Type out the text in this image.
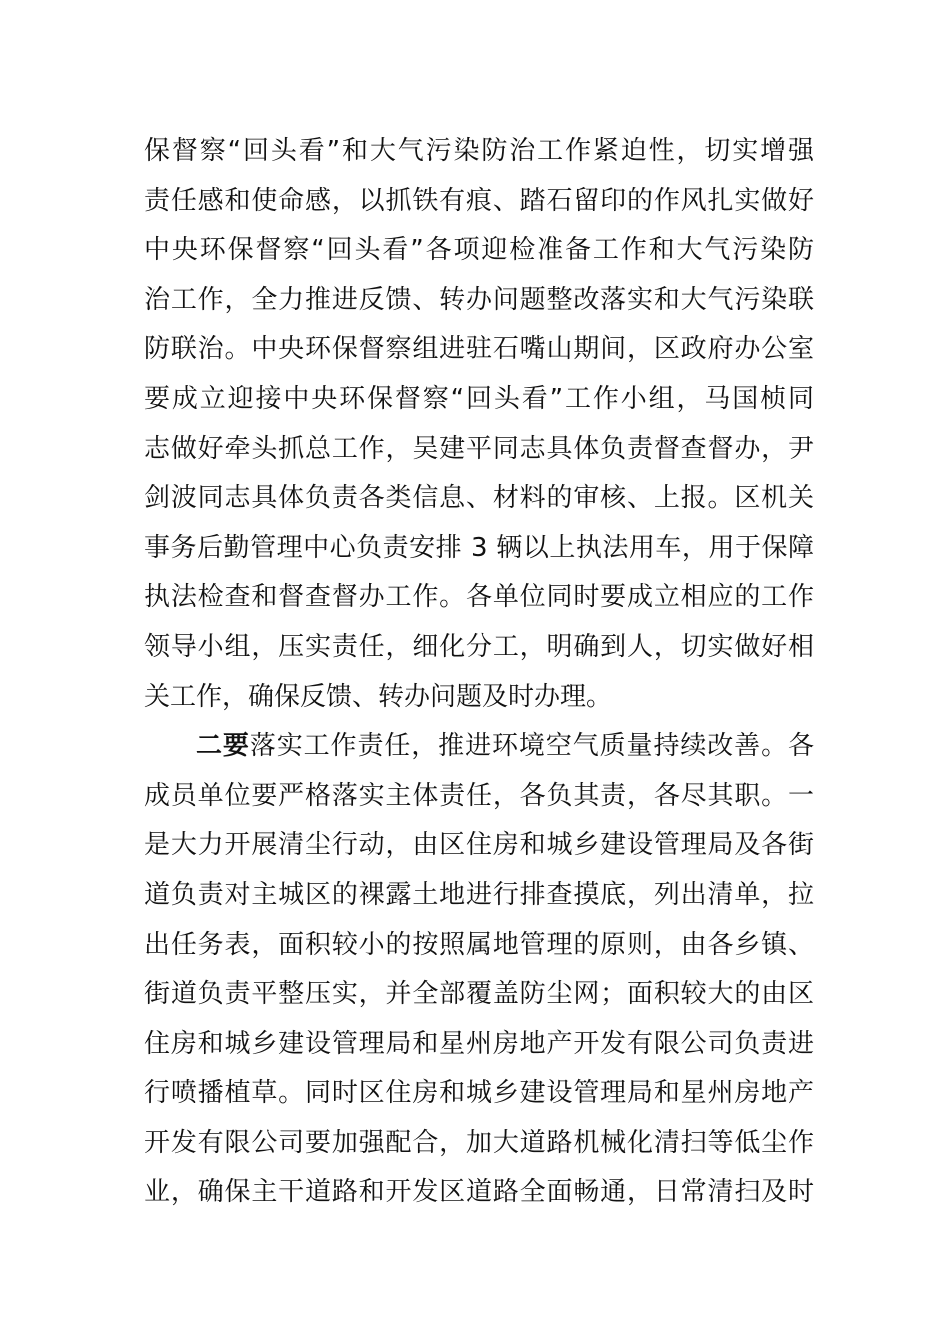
保督察“回头看”和大气污染防治工作紧迫性，切实增强
责任感和使命感，以抓铁有痕、踏石留印的作风扎实做好
中央环保督察“回头看”各项迎检准备工作和大气污染防
治工作，全力推进反馈、转办问题整改落实和大气污染联
防联治。中央环保督察组进驻石嘴山期间，区政府办公室
要成立迎接中央环保督察“回头看”工作小组，马国桢同
志做好牵头抓总工作，吴建平同志具体负责督查督办，尹
剑波同志具体负责各类信息、材料的审核、上报。区机关
事务后勤管理中心负责安排 3 辆以上执法用车，用于保障
执法检查和督查督办工作。各单位同时要成立相应的工作
领导小组，压实责任，细化分工，明确到人，切实做好相
关工作，确保反馈、转办问题及时办理。
二要落实工作责任，推进环境空气质量持续改善。各
成员单位要严格落实主体责任，各负其责，各尽其职。一
是大力开展清尘行动，由区住房和城乡建设管理局及各街
道负责对主城区的裸露土地进行排查摸底，列出清单，拉
出任务表，面积较小的按照属地管理的原则，由各乡镇、
街道负责平整压实，并全部覆盖防尘网；面积较大的由区
住房和城乡建设管理局和星州房地产开发有限公司负责进
行喷播植草。同时区住房和城乡建设管理局和星州房地产
开发有限公司要加强配合，加大道路机械化清扫等低尘作
业，确保主干道路和开发区道路全面畅通，日常清扫及时
